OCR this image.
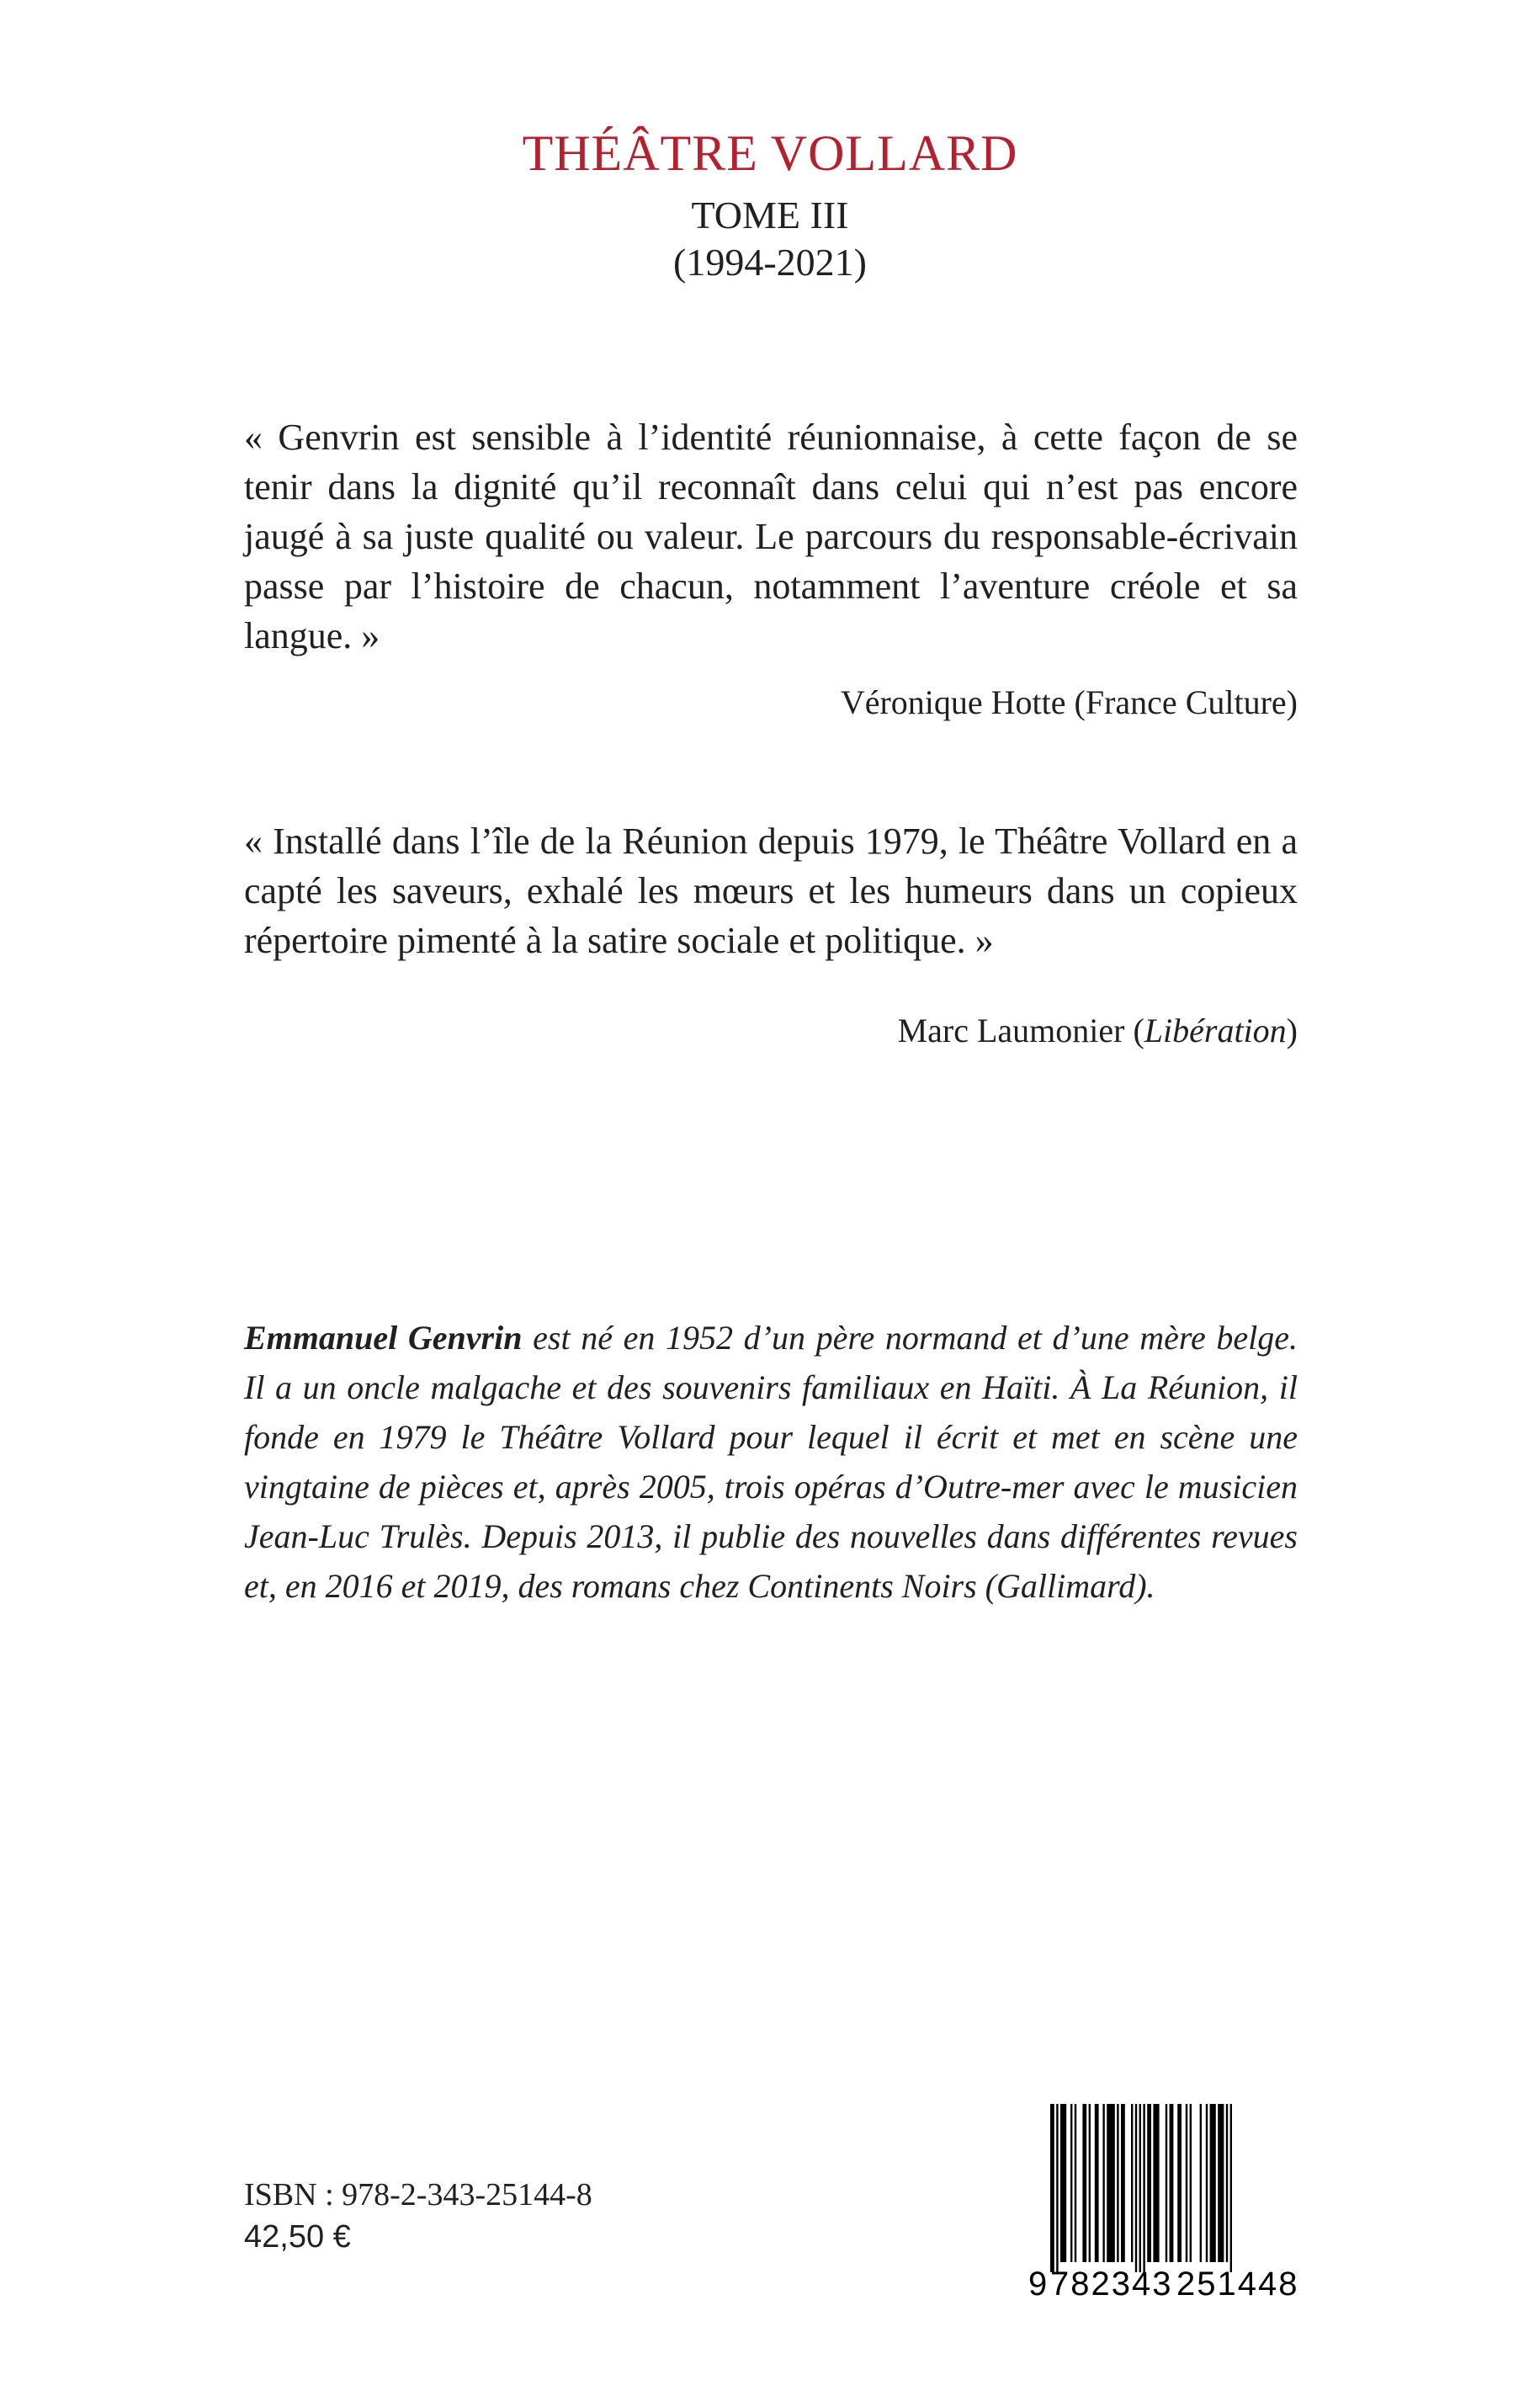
THÉÂTRE VOLLARD
TOME III
(1994-2021)
« Genvrin est sensible à l’identité réunionnaise, à cette façon de se tenir dans la dignité qu’il reconnaît dans celui qui n’est pas encore jaugé à sa juste qualité ou valeur. Le parcours du responsable-écrivain passe par l’histoire de chacun, notamment l’aventure créole et sa langue. »
Véronique Hotte (France Culture)
« Installé dans l’île de la Réunion depuis 1979, le Théâtre Vollard en a capté les saveurs, exhalé les mœurs et les humeurs dans un copieux répertoire pimenté à la satire sociale et politique. »
Marc Laumonier (Libération)
Emmanuel Genvrin est né en 1952 d’un père normand et d’une mère belge. Il a un oncle malgache et des souvenirs familiaux en Haïti. À La Réunion, il fonde en 1979 le Théâtre Vollard pour lequel il écrit et met en scène une vingtaine de pièces et, après 2005, trois opéras d’Outre-mer avec le musicien Jean-Luc Trulès. Depuis 2013, il publie des nouvelles dans différentes revues et, en 2016 et 2019, des romans chez Continents Noirs (Gallimard).
ISBN : 978-2-343-25144-8
42,50 €
9 782343 251448
